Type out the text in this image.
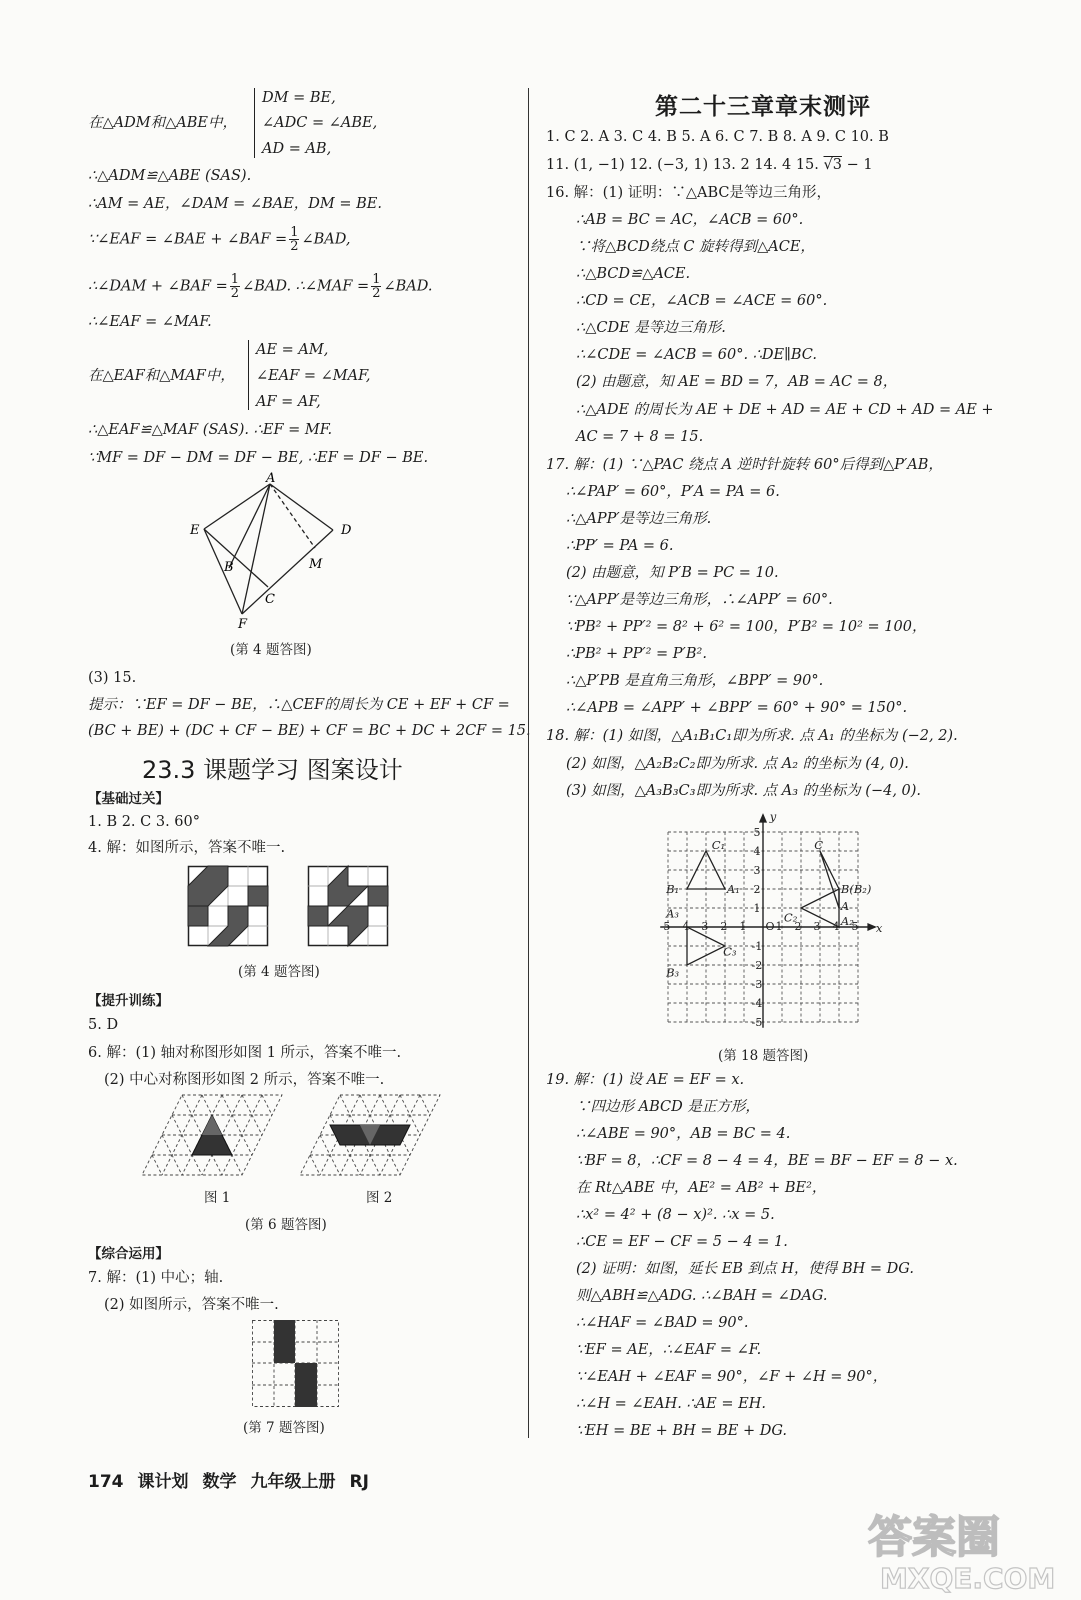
在△ADM和△ABE中，
DM = BE,
∠ADC = ∠ABE,
AD = AB,
∴△ADM≌△ABE (SAS).
∴AM = AE，∠DAM = ∠BAE，DM = BE.
∵∠EAF = ∠BAE + ∠BAF = $\frac{1}{2}$ ∠BAD,
∴∠DAM + ∠BAF = $\frac{1}{2}$ ∠BAD. ∴∠MAF = $\frac{1}{2}$ ∠BAD.
∴∠EAF = ∠MAF.
在△EAF和△MAF中，
AE = AM,
∠EAF = ∠MAF,
AF = AF,
∴△EAF≌△MAF (SAS). ∴EF = MF.
∵MF = DF − DM = DF − BE, ∴EF = DF − BE.
A
D
E
B	M
C
F
(第 4 题答图)
(3) 15.
提示：∵EF = DF − BE，∴△CEF的周长为 CE + EF + CF =
(BC + BE) + (DC + CF − BE) + CF = BC + DC + 2CF = 15.
23.3 课题学习 图案设计
【基础过关】
1. B 2. C 3. 60°
4. 解：如图所示，答案不唯一.
(第 4 题答图)
【提升训练】
5. D
6. 解：(1) 轴对称图形如图 1 所示，答案不唯一.
(2) 中心对称图形如图 2 所示，答案不唯一.
图 1	图 2
(第 6 题答图)
【综合运用】
7. 解：(1) 中心；轴.
(2) 如图所示，答案不唯一.
(第 7 题答图)
第二十三章章末测评
1. C 2. A 3. C 4. B 5. A 6. C 7. B 8. A 9. C 10. B
11. (1, −1) 12. (−3, 1) 13. 2 14. 4 15. √3 − 1
16. 解：(1) 证明：∵△ABC是等边三角形，
∴AB = BC = AC，∠ACB = 60°.
∵将△BCD绕点 C 旋转得到△ACE，
∴△BCD≌△ACE.
∴CD = CE，∠ACB = ∠ACE = 60°.
∴△CDE 是等边三角形.
∴∠CDE = ∠ACB = 60°. ∴DE∥BC.
(2) 由题意，知 AE = BD = 7，AB = AC = 8，
∴△ADE 的周长为 AE + DE + AD = AE + CD + AD = AE +
AC = 7 + 8 = 15.
17. 解：(1) ∵△PAC 绕点 A 逆时针旋转 60°后得到△P′AB，
∴∠PAP′ = 60°，P′A = PA = 6.
∴△APP′是等边三角形.
∴PP′ = PA = 6.
(2) 由题意，知 P′B = PC = 10.
∵△APP′是等边三角形，∴∠APP′ = 60°.
∵PB² + PP′² = 8² + 6² = 100，P′B² = 10² = 100，
∴PB² + PP′² = P′B².
∴△P′PB 是直角三角形，∠BPP′ = 90°.
∴∠APB = ∠APP′ + ∠BPP′ = 60° + 90° = 150°.
18. 解：(1) 如图，△A₁B₁C₁即为所求. 点 A₁ 的坐标为 (−2, 2).
(2) 如图，△A₂B₂C₂即为所求. 点 A₂ 的坐标为 (4, 0).
(3) 如图，△A₃B₃C₃即为所求. 点 A₃ 的坐标为 (−4, 0).
-5 -4 -3 -2 -1	1 2 3 4 5
5
4
3
2
1
-1
-2
-3
-4
-5
O
y
x
C₁
B₁	A₁
A₃
C
B(B₂)
C₂
A
A₂
C₃
B₃
(第 18 题答图)
19. 解：(1) 设 AE = EF = x.
∵四边形 ABCD 是正方形，
∴∠ABE = 90°，AB = BC = 4.
∵BF = 8，∴CF = 8 − 4 = 4，BE = BF − EF = 8 − x.
在 Rt△ABE 中，AE² = AB² + BE²，
∴x² = 4² + (8 − x)². ∴x = 5.
∴CE = EF − CF = 5 − 4 = 1.
(2) 证明：如图，延长 EB 到点 H，使得 BH = DG.
则△ABH≌△ADG. ∴∠BAH = ∠DAG.
∴∠HAF = ∠BAD = 90°.
∵EF = AE，∴∠EAF = ∠F.
∵∠EAH + ∠EAF = 90°，∠F + ∠H = 90°，
∴∠H = ∠EAH. ∴AE = EH.
∵EH = BE + BH = BE + DG.
174 课计划 数学 九年级上册 RJ
答案圈
MXQE.COM
